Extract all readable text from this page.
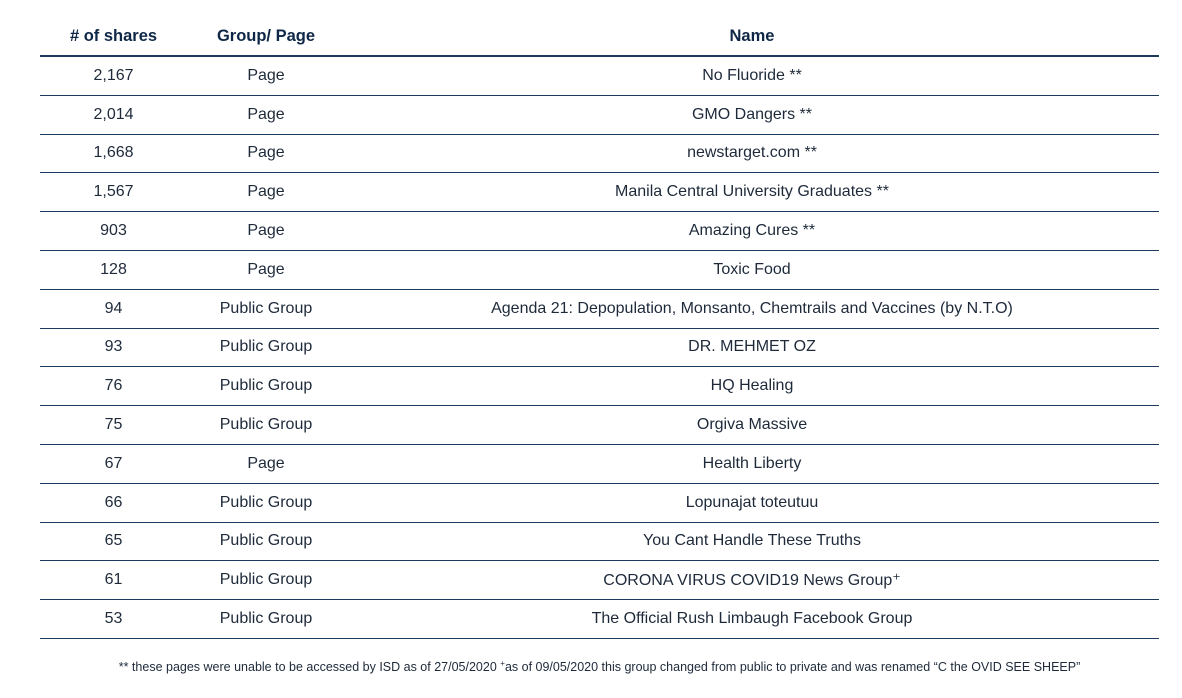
# of shares	Group/ Page	Name
2,167	Page	No Fluoride **
2,014	Page	GMO Dangers **
1,668	Page	newstarget.com **
1,567	Page	Manila Central University Graduates **
903	Page	Amazing Cures **
128	Page	Toxic Food
94	Public Group	Agenda 21: Depopulation, Monsanto, Chemtrails and Vaccines (by N.T.O)
93	Public Group	DR. MEHMET OZ
76	Public Group	HQ Healing
75	Public Group	Orgiva Massive
67	Page	Health Liberty
66	Public Group	Lopunajat toteutuu
65	Public Group	You Cant Handle These Truths
61	Public Group	CORONA VIRUS COVID19 News Group⁺
53	Public Group	The Official Rush Limbaugh Facebook Group
** these pages were unable to be accessed by ISD as of 27/05/2020 +as of 09/05/2020 this group changed from public to private and was renamed “C the OVID SEE SHEEP”
